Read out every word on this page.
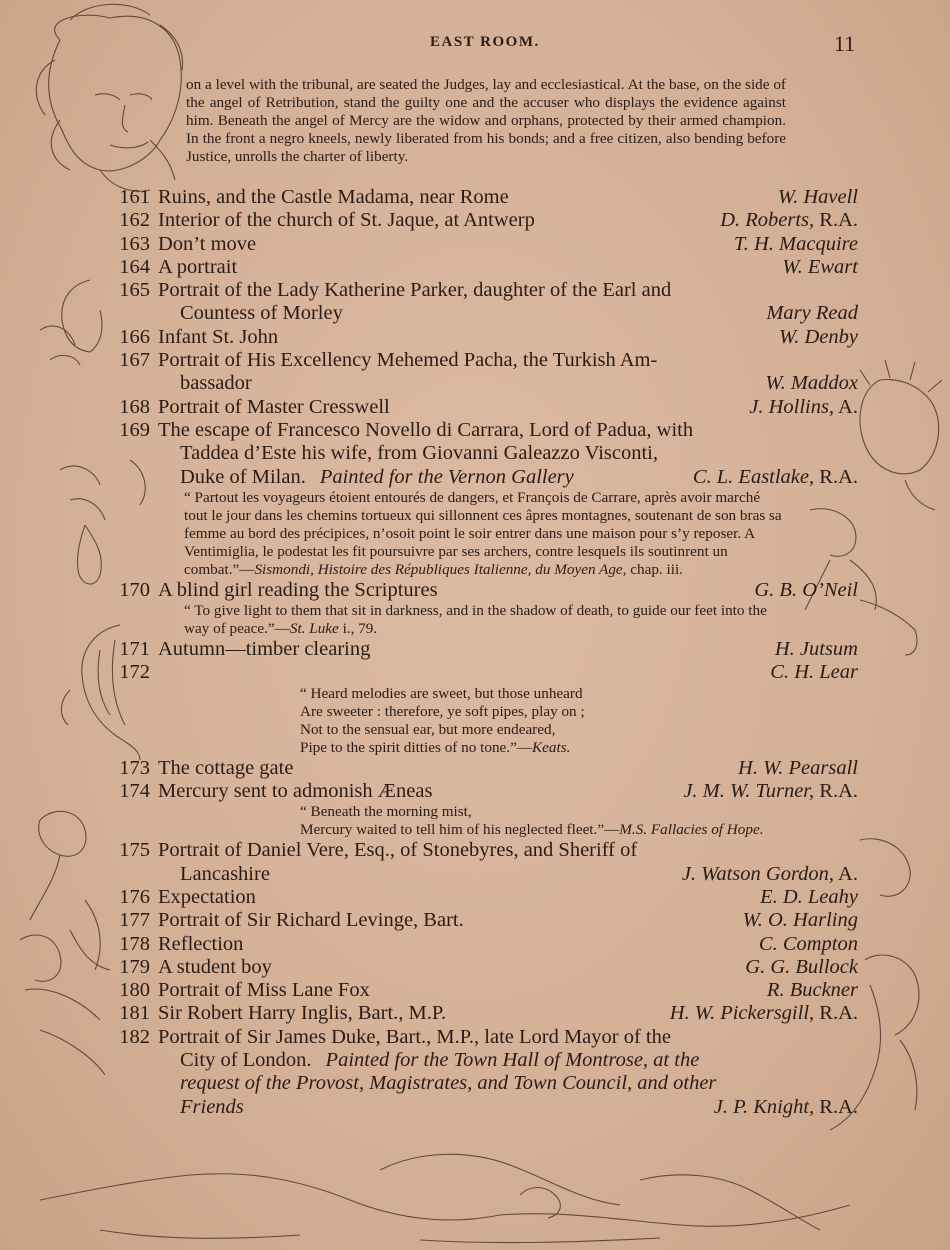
EAST ROOM.	11

on a level with the tribunal, are seated the Judges, lay and ecclesiastical. At the base, on the side of the angel of Retribution, stand the guilty one and the accuser who displays the evidence against him. Beneath the angel of Mercy are the widow and orphans, protected by their armed champion. In the front a negro kneels, newly liberated from his bonds; and a free citizen, also bending before Justice, unrolls the charter of liberty.

161 Ruins, and the Castle Madama, near Rome	W. Havell
162 Interior of the church of St. Jaque, at Antwerp	D. Roberts, R.A.
163 Don’t move	T. H. Macquire
164 A portrait	W. Ewart
165 Portrait of the Lady Katherine Parker, daughter of the Earl and
Countess of Morley	Mary Read
166 Infant St. John	W. Denby
167 Portrait of His Excellency Mehemed Pacha, the Turkish Am-
bassador	W. Maddox
168 Portrait of Master Cresswell	J. Hollins, A.
169 The escape of Francesco Novello di Carrara, Lord of Padua, with
Taddea d’Este his wife, from Giovanni Galeazzo Visconti,
Duke of Milan. Painted for the Vernon Gallery	C. L. Eastlake, R.A.

“ Partout les voyageurs étoient entourés de dangers, et François de Carrare, après avoir marché tout le jour dans les chemins tortueux qui sillonnent ces âpres montagnes, soutenant de son bras sa femme au bord des précipices, n’osoit point le soir entrer dans une maison pour s’y reposer. A Ventimiglia, le podestat les fit poursuivre par ses archers, contre lesquels ils soutinrent un combat.”—Sismondi, Histoire des Républiques Italienne, du Moyen Age, chap. iii.

170 A blind girl reading the Scriptures	G. B. O’Neil

“ To give light to them that sit in darkness, and in the shadow of death, to guide our feet into the way of peace.”—St. Luke i., 79.

171 Autumn—timber clearing	H. Jutsum
172	C. H. Lear
“ Heard melodies are sweet, but those unheard
Are sweeter : therefore, ye soft pipes, play on ;
Not to the sensual ear, but more endeared,
Pipe to the spirit ditties of no tone.”—Keats.
173 The cottage gate	H. W. Pearsall
174 Mercury sent to admonish Æneas	J. M. W. Turner, R.A.
“ Beneath the morning mist,
Mercury waited to tell him of his neglected fleet.”—M.S. Fallacies of Hope.
175 Portrait of Daniel Vere, Esq., of Stonebyres, and Sheriff of
Lancashire	J. Watson Gordon, A.
176 Expectation	E. D. Leahy
177 Portrait of Sir Richard Levinge, Bart.	W. O. Harling
178 Reflection	C. Compton
179 A student boy	G. G. Bullock
180 Portrait of Miss Lane Fox	R. Buckner
181 Sir Robert Harry Inglis, Bart., M.P.	H. W. Pickersgill, R.A.
182 Portrait of Sir James Duke, Bart., M.P., late Lord Mayor of the
City of London. Painted for the Town Hall of Montrose, at the
request of the Provost, Magistrates, and Town Council, and other
Friends	J. P. Knight, R.A.
